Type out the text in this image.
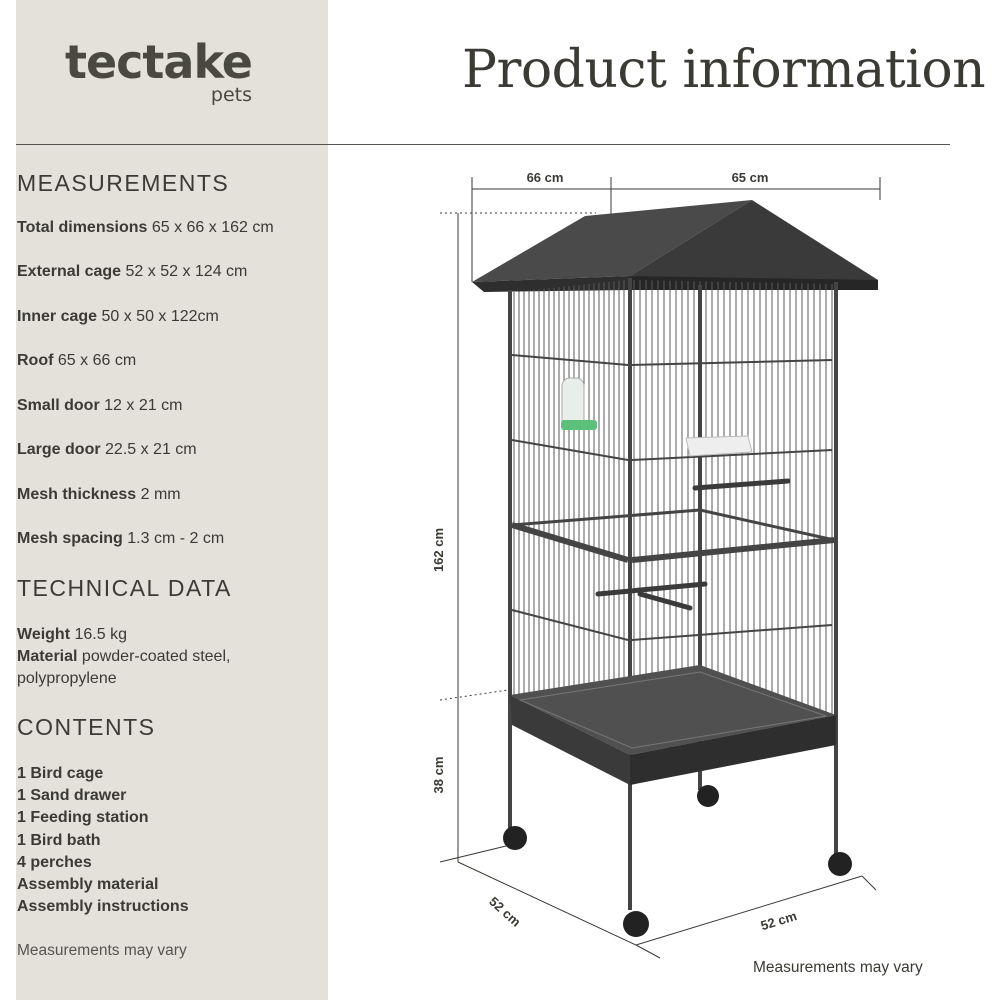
tectake
pets	Product information
MEASUREMENTS
Total dimensions 65 x 66 x 162 cm
External cage 52 x 52 x 124 cm
Inner cage 50 x 50 x 122cm
Roof 65 x 66 cm
Small door 12 x 21 cm
Large door 22.5 x 21 cm
Mesh thickness 2 mm
Mesh spacing 1.3 cm - 2 cm
TECHNICAL DATA
Weight 16.5 kg
Material powder-coated steel, polypropylene
CONTENTS
1 Bird cage
1 Sand drawer
1 Feeding station
1 Bird bath
4 perches
Assembly material
Assembly instructions
Measurements may vary
Measurements may vary
66 cm	65 cm
162 cm
38 cm
52 cm	52 cm
